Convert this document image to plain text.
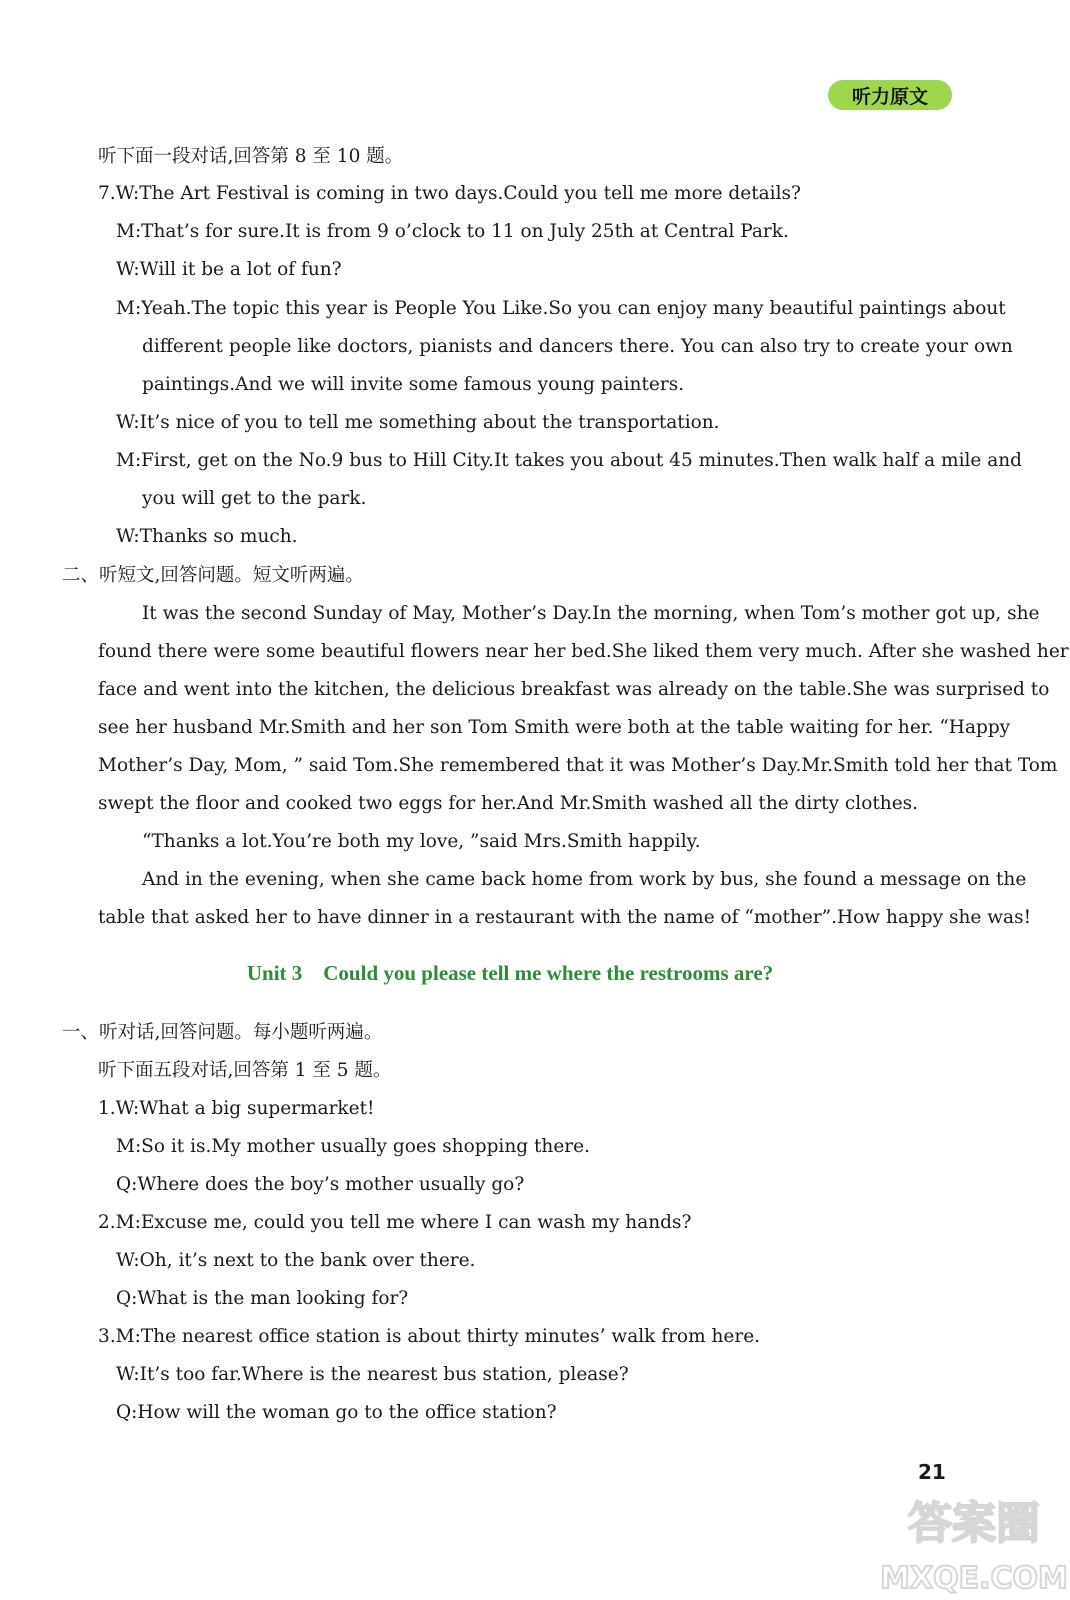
听力原文
听下面一段对话,回答第 8 至 10 题。
7.W:The Art Festival is coming in two days.Could you tell me more details?
M:That’s for sure.It is from 9 o’clock to 11 on July 25th at Central Park.
W:Will it be a lot of fun?
M:Yeah.The topic this year is People You Like.So you can enjoy many beautiful paintings about
different people like doctors, pianists and dancers there. You can also try to create your own
paintings.And we will invite some famous young painters.
W:It’s nice of you to tell me something about the transportation.
M:First, get on the No.9 bus to Hill City.It takes you about 45 minutes.Then walk half a mile and
you will get to the park.
W:Thanks so much.
二、听短文,回答问题。短文听两遍。
It was the second Sunday of May, Mother’s Day.In the morning, when Tom’s mother got up, she
found there were some beautiful flowers near her bed.She liked them very much. After she washed her
face and went into the kitchen, the delicious breakfast was already on the table.She was surprised to
see her husband Mr.Smith and her son Tom Smith were both at the table waiting for her. “Happy
Mother’s Day, Mom, ” said Tom.She remembered that it was Mother’s Day.Mr.Smith told her that Tom
swept the floor and cooked two eggs for her.And Mr.Smith washed all the dirty clothes.
“Thanks a lot.You’re both my love, ”said Mrs.Smith happily.
And in the evening, when she came back home from work by bus, she found a message on the
table that asked her to have dinner in a restaurant with the name of “mother”.How happy she was!
Unit 3    Could you please tell me where the restrooms are?
一、听对话,回答问题。每小题听两遍。
听下面五段对话,回答第 1 至 5 题。
1.W:What a big supermarket!
M:So it is.My mother usually goes shopping there.
Q:Where does the boy’s mother usually go?
2.M:Excuse me, could you tell me where I can wash my hands?
W:Oh, it’s next to the bank over there.
Q:What is the man looking for?
3.M:The nearest office station is about thirty minutes’ walk from here.
W:It’s too far.Where is the nearest bus station, please?
Q:How will the woman go to the office station?
21
答案圈
MXQE.COM
